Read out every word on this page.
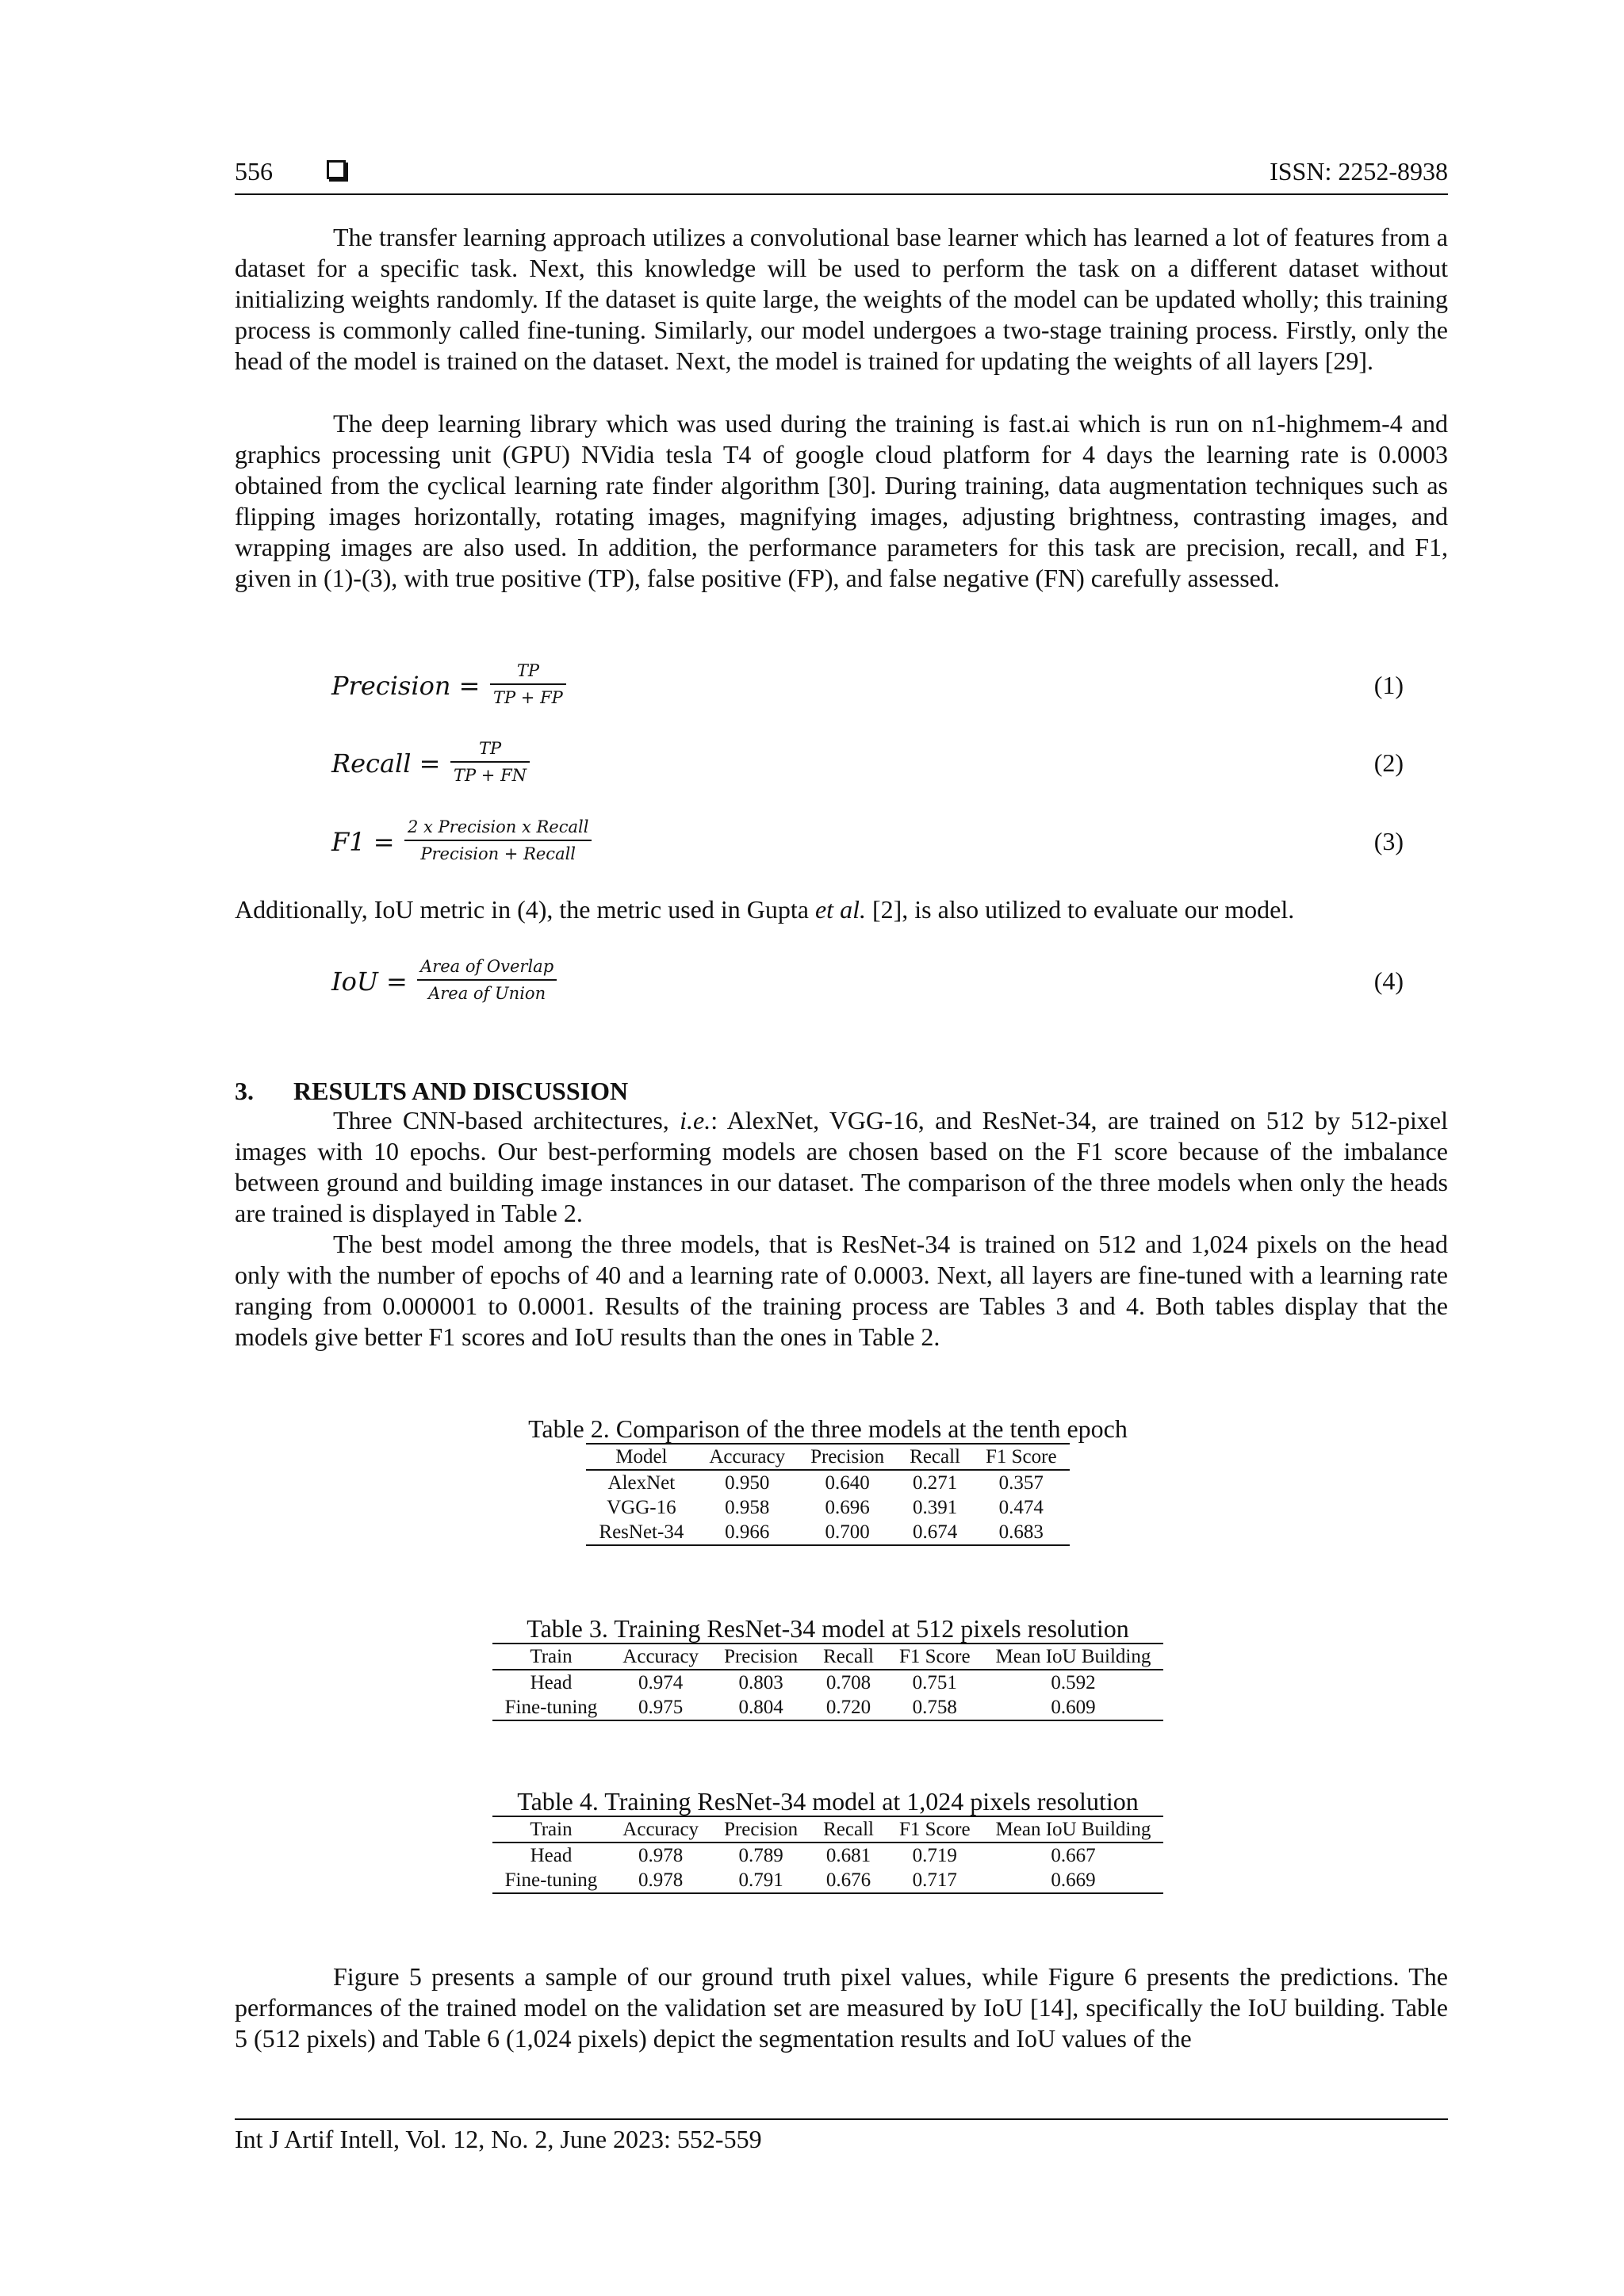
556	ISSN: 2252-8938

The transfer learning approach utilizes a convolutional base learner which has learned a lot of features from a dataset for a specific task. Next, this knowledge will be used to perform the task on a different dataset without initializing weights randomly. If the dataset is quite large, the weights of the model can be updated wholly; this training process is commonly called fine-tuning. Similarly, our model undergoes a two-stage training process. Firstly, only the head of the model is trained on the dataset. Next, the model is trained for updating the weights of all layers [29].

The deep learning library which was used during the training is fast.ai which is run on n1-highmem-4 and graphics processing unit (GPU) NVidia tesla T4 of google cloud platform for 4 days the learning rate is 0.0003 obtained from the cyclical learning rate finder algorithm [30]. During training, data augmentation techniques such as flipping images horizontally, rotating images, magnifying images, adjusting brightness, contrasting images, and wrapping images are also used. In addition, the performance parameters for this task are precision, recall, and F1, given in (1)-(3), with true positive (TP), false positive (FP), and false negative (FN) carefully assessed.

Precision = $\frac{TP}{TP + FP}$	(1)
Recall = $\frac{TP}{TP + FN}$	(2)
F1 = 2 x Precision x Recall
Precision + Recall	(3)

Additionally, IoU metric in (4), the metric used in Gupta et al. [2], is also utilized to evaluate our model.

IoU = Area of Overlap
Area of Union	(4)
3. RESULTS AND DISCUSSION

Three CNN-based architectures, i.e.: AlexNet, VGG-16, and ResNet-34, are trained on 512 by 512-pixel images with 10 epochs. Our best-performing models are chosen based on the F1 score because of the imbalance between ground and building image instances in our dataset. The comparison of the three models when only the heads are trained is displayed in Table 2.

The best model among the three models, that is ResNet-34 is trained on 512 and 1,024 pixels on the head only with the number of epochs of 40 and a learning rate of 0.0003. Next, all layers are fine-tuned with a learning rate ranging from 0.000001 to 0.0001. Results of the training process are Tables 3 and 4. Both tables display that the models give better F1 scores and IoU results than the ones in Table 2.

Table 2. Comparison of the three models at the tenth epoch
Model	Accuracy	Precision	Recall	F1 Score
AlexNet	0.950	0.640	0.271	0.357
VGG-16	0.958	0.696	0.391	0.474
ResNet-34	0.966	0.700	0.674	0.683
Table 3. Training ResNet-34 model at 512 pixels resolution
Train	Accuracy	Precision	Recall	F1 Score	Mean IoU Building
Head	0.974	0.803	0.708	0.751	0.592
Fine-tuning	0.975	0.804	0.720	0.758	0.609
Table 4. Training ResNet-34 model at 1,024 pixels resolution
Train	Accuracy	Precision	Recall	F1 Score	Mean IoU Building
Head	0.978	0.789	0.681	0.719	0.667
Fine-tuning	0.978	0.791	0.676	0.717	0.669

Figure 5 presents a sample of our ground truth pixel values, while Figure 6 presents the predictions. The performances of the trained model on the validation set are measured by IoU [14], specifically the IoU building. Table 5 (512 pixels) and Table 6 (1,024 pixels) depict the segmentation results and IoU values of the

Int J Artif Intell, Vol. 12, No. 2, June 2023: 552-559
